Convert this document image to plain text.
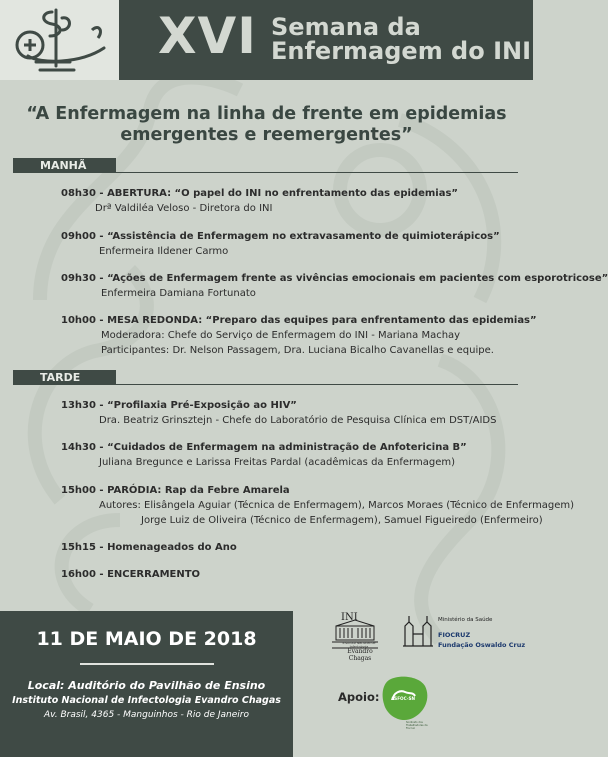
XVI Semana da
Enfermagem do INI
“A Enfermagem na linha de frente em epidemias
emergentes e reemergentes”
MANHÃ
08h30 - ABERTURA: “O papel do INI no enfrentamento das epidemias”
Drª Valdiléa Veloso - Diretora do INI
09h00 - “Assistência de Enfermagem no extravasamento de quimioterápicos”
Enfermeira Ildener Carmo
09h30 - “Ações de Enfermagem frente as vivências emocionais em pacientes com esporotricose”
Enfermeira Damiana Fortunato
10h00 - MESA REDONDA: “Preparo das equipes para enfrentamento das epidemias”
Moderadora: Chefe do Serviço de Enfermagem do INI - Mariana Machay
Participantes: Dr. Nelson Passagem, Dra. Luciana Bicalho Cavanellas e equipe.
TARDE
13h30 - “Profilaxia Pré-Exposição ao HIV”
Dra. Beatriz Grinsztejn - Chefe do Laboratório de Pesquisa Clínica em DST/AIDS
14h30 - “Cuidados de Enfermagem na administração de Anfotericina B”
Juliana Bregunce e Larissa Freitas Pardal (acadêmicas da Enfermagem)
15h00 - PARÓDIA: Rap da Febre Amarela
Autores: Elisângela Aguiar (Técnica de Enfermagem), Marcos Moraes (Técnico de Enfermagem)
Jorge Luiz de Oliveira (Técnico de Enfermagem), Samuel Figueiredo (Enfermeiro)
15h15 - Homenageados do Ano
16h00 - ENCERRAMENTO
11 DE MAIO DE 2018
Local: Auditório do Pavilhão de Ensino
Instituto Nacional de Infectologia Evandro Chagas
Av. Brasil, 4365 - Manguinhos - Rio de Janeiro
INI
Instituto Nacional de Infectologia
Evandro Chagas
Ministério da Saúde
FIOCRUZ
Fundação Oswaldo Cruz
Apoio:	ASFOC-SN
Sindicato dos Trabalhadores da Fiocruz
